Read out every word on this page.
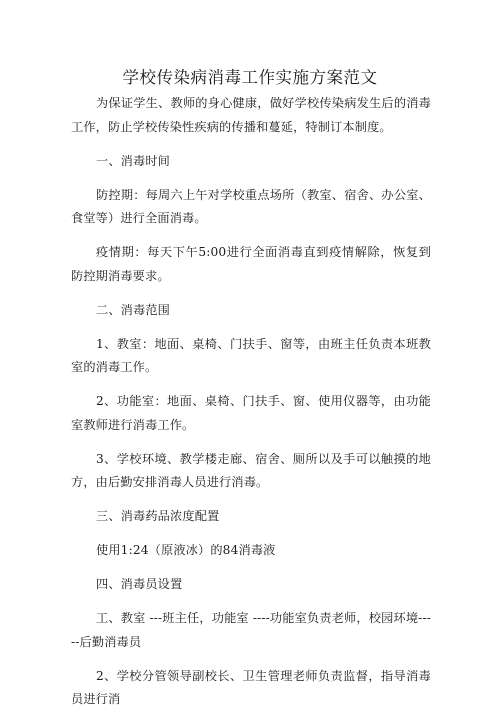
学校传染病消毒工作实施方案范文

为保证学生、教师的身心健康，做好学校传染病发生后的消毒工作，防止学校传染性疾病的传播和蔓延，特制订本制度。

一、消毒时间

防控期：每周六上午对学校重点场所（教室、宿舍、办公室、食堂等）进行全面消毒。

疫情期：每天下午5:00进行全面消毒直到疫情解除，恢复到防控期消毒要求。

二、消毒范围

1、教室：地面、桌椅、门扶手、窗等，由班主任负责本班教室的消毒工作。

2、功能室：地面、桌椅、门扶手、窗、使用仪器等，由功能室教师进行消毒工作。

3、学校环境、教学楼走廊、宿舍、厕所以及手可以触摸的地方，由后勤安排消毒人员进行消毒。

三、消毒药品浓度配置

使用1:24（原液冰）的84消毒液

四、消毒员设置

工、教室 ---班主任，功能室 ----功能室负责老师，校园环境-----后勤消毒员

2、学校分管领导副校长、卫生管理老师负责监督，指导消毒员进行消
